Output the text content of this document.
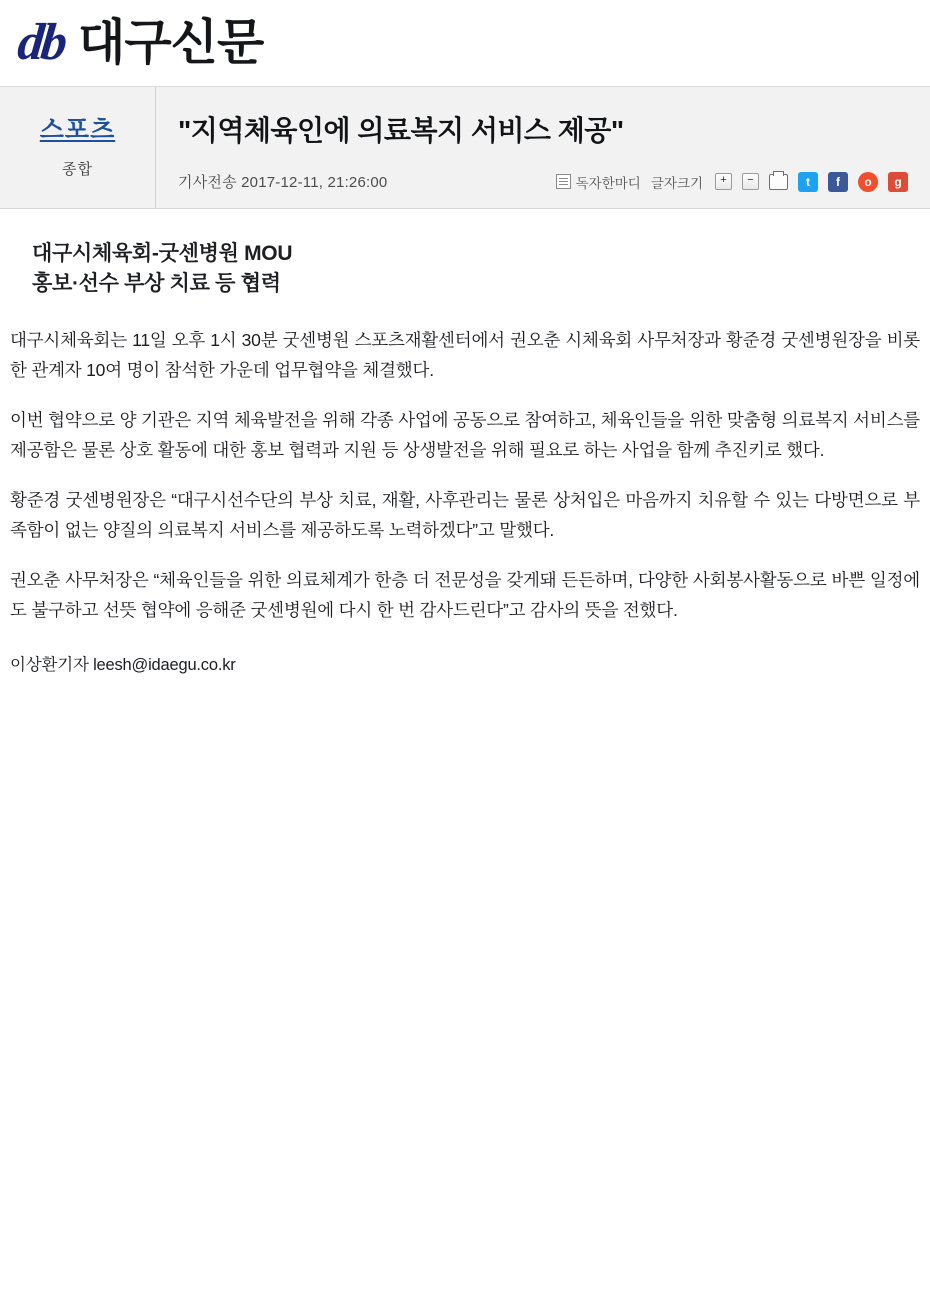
db 대구신문
스포츠
종합
"지역체육인에 의료복지 서비스 제공"
기사전송 2017-12-11, 21:26:00	독자한마디 글자크기	+	−	t	f	o	g
대구시체육회-굿센병원 MOU
홍보·선수 부상 치료 등 협력

대구시체육회는 11일 오후 1시 30분 굿센병원 스포츠재활센터에서 권오춘 시체육회 사무처장과 황준경 굿센병원장을 비롯한 관계자 10여 명이 참석한 가운데 업무협약을 체결했다.

이번 협약으로 양 기관은 지역 체육발전을 위해 각종 사업에 공동으로 참여하고, 체육인들을 위한 맞춤형 의료복지 서비스를 제공함은 물론 상호 활동에 대한 홍보 협력과 지원 등 상생발전을 위해 필요로 하는 사업을 함께 추진키로 했다.

황준경 굿센병원장은 “대구시선수단의 부상 치료, 재활, 사후관리는 물론 상처입은 마음까지 치유할 수 있는 다방면으로 부족함이 없는 양질의 의료복지 서비스를 제공하도록 노력하겠다”고 말했다.

권오춘 사무처장은 “체육인들을 위한 의료체계가 한층 더 전문성을 갖게돼 든든하며, 다양한 사회봉사활동으로 바쁜 일정에도 불구하고 선뜻 협약에 응해준 굿센병원에 다시 한 번 감사드린다”고 감사의 뜻을 전했다.

이상환기자 leesh@idaegu.co.kr
